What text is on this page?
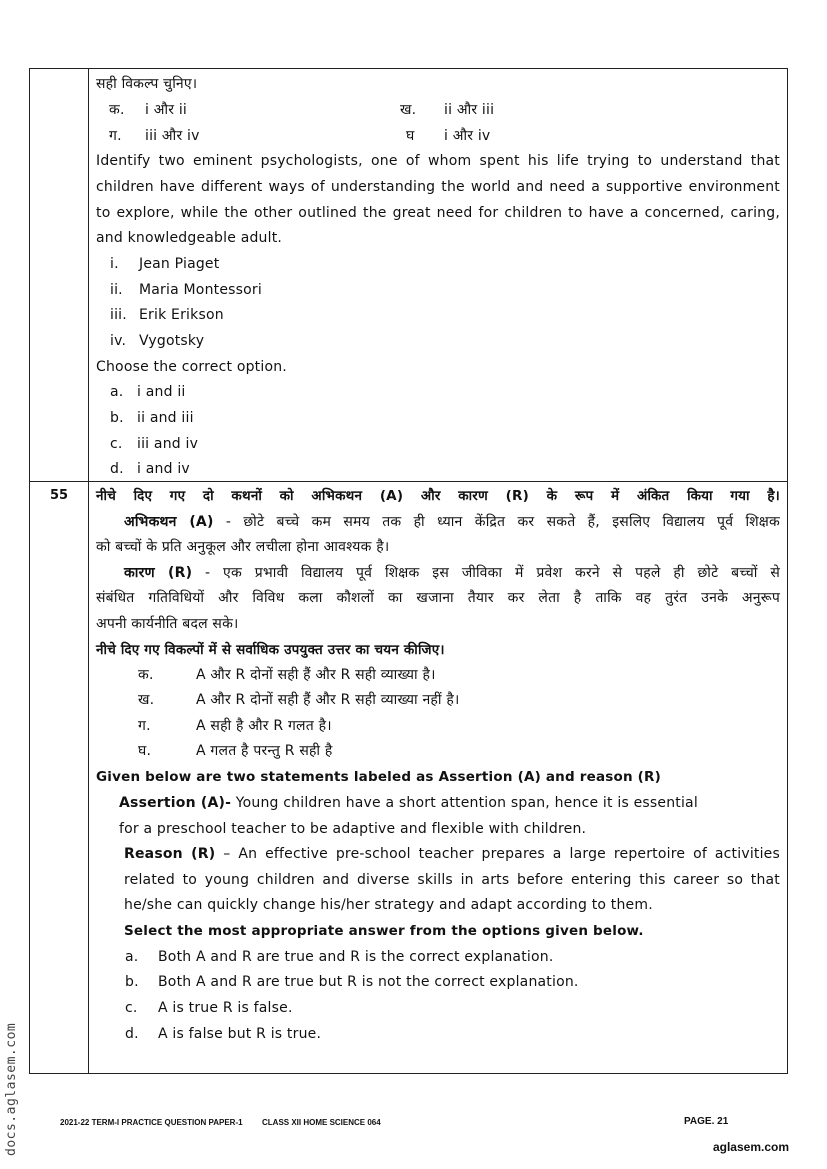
सही विकल्प चुनिए।
क. i और ii	ख. ii और iii
ग. iii और iv	घ i और iv
Identify two eminent psychologists, one of whom spent his life trying to understand that
children have different ways of understanding the world and need a supportive environment
to explore, while the other outlined the great need for children to have a concerned, caring,
and knowledgeable adult.
i. Jean Piaget
ii. Maria Montessori
iii. Erik Erikson
iv. Vygotsky
Choose the correct option.
a. i and ii
b. ii and iii
c. iii and iv
d. i and iv
55	नीचे दिए गए दो कथनों को अभिकथन (A) और कारण (R) के रूप में अंकित किया गया है।
अभिकथन (A) - छोटे बच्चे कम समय तक ही ध्यान केंद्रित कर सकते हैं, इसलिए विद्यालय पूर्व शिक्षक
को बच्चों के प्रति अनुकूल और लचीला होना आवश्यक है।
कारण (R) - एक प्रभावी विद्यालय पूर्व शिक्षक इस जीविका में प्रवेश करने से पहले ही छोटे बच्चों से
संबंधित गतिविधियों और विविध कला कौशलों का खजाना तैयार कर लेता है ताकि वह तुरंत उनके अनुरूप
अपनी कार्यनीति बदल सके।
नीचे दिए गए विकल्पों में से सर्वाधिक उपयुक्त उत्तर का चयन कीजिए।
क.	A और R दोनों सही हैं और R सही व्याख्या है।
ख.	A और R दोनों सही हैं और R सही व्याख्या नहीं है।
ग.	A सही है और R गलत है।
घ.	A गलत है परन्तु R सही है
Given below are two statements labeled as Assertion (A) and reason (R)
Assertion (A)- Young children have a short attention span, hence it is essential
for a preschool teacher to be adaptive and flexible with children.
Reason (R) – An effective pre-school teacher prepares a large repertoire of activities
related to young children and diverse skills in arts before entering this career so that
he/she can quickly change his/her strategy and adapt according to them.
Select the most appropriate answer from the options given below.
a. Both A and R are true and R is the correct explanation.
b. Both A and R are true but R is not the correct explanation.
c. A is true R is false.
d. A is false but R is true.
2021-22 TERM-I PRACTICE QUESTION PAPER-1 CLASS XII HOME SCIENCE 064	PAGE. 21
docs.aglasem.com	aglasem.com
